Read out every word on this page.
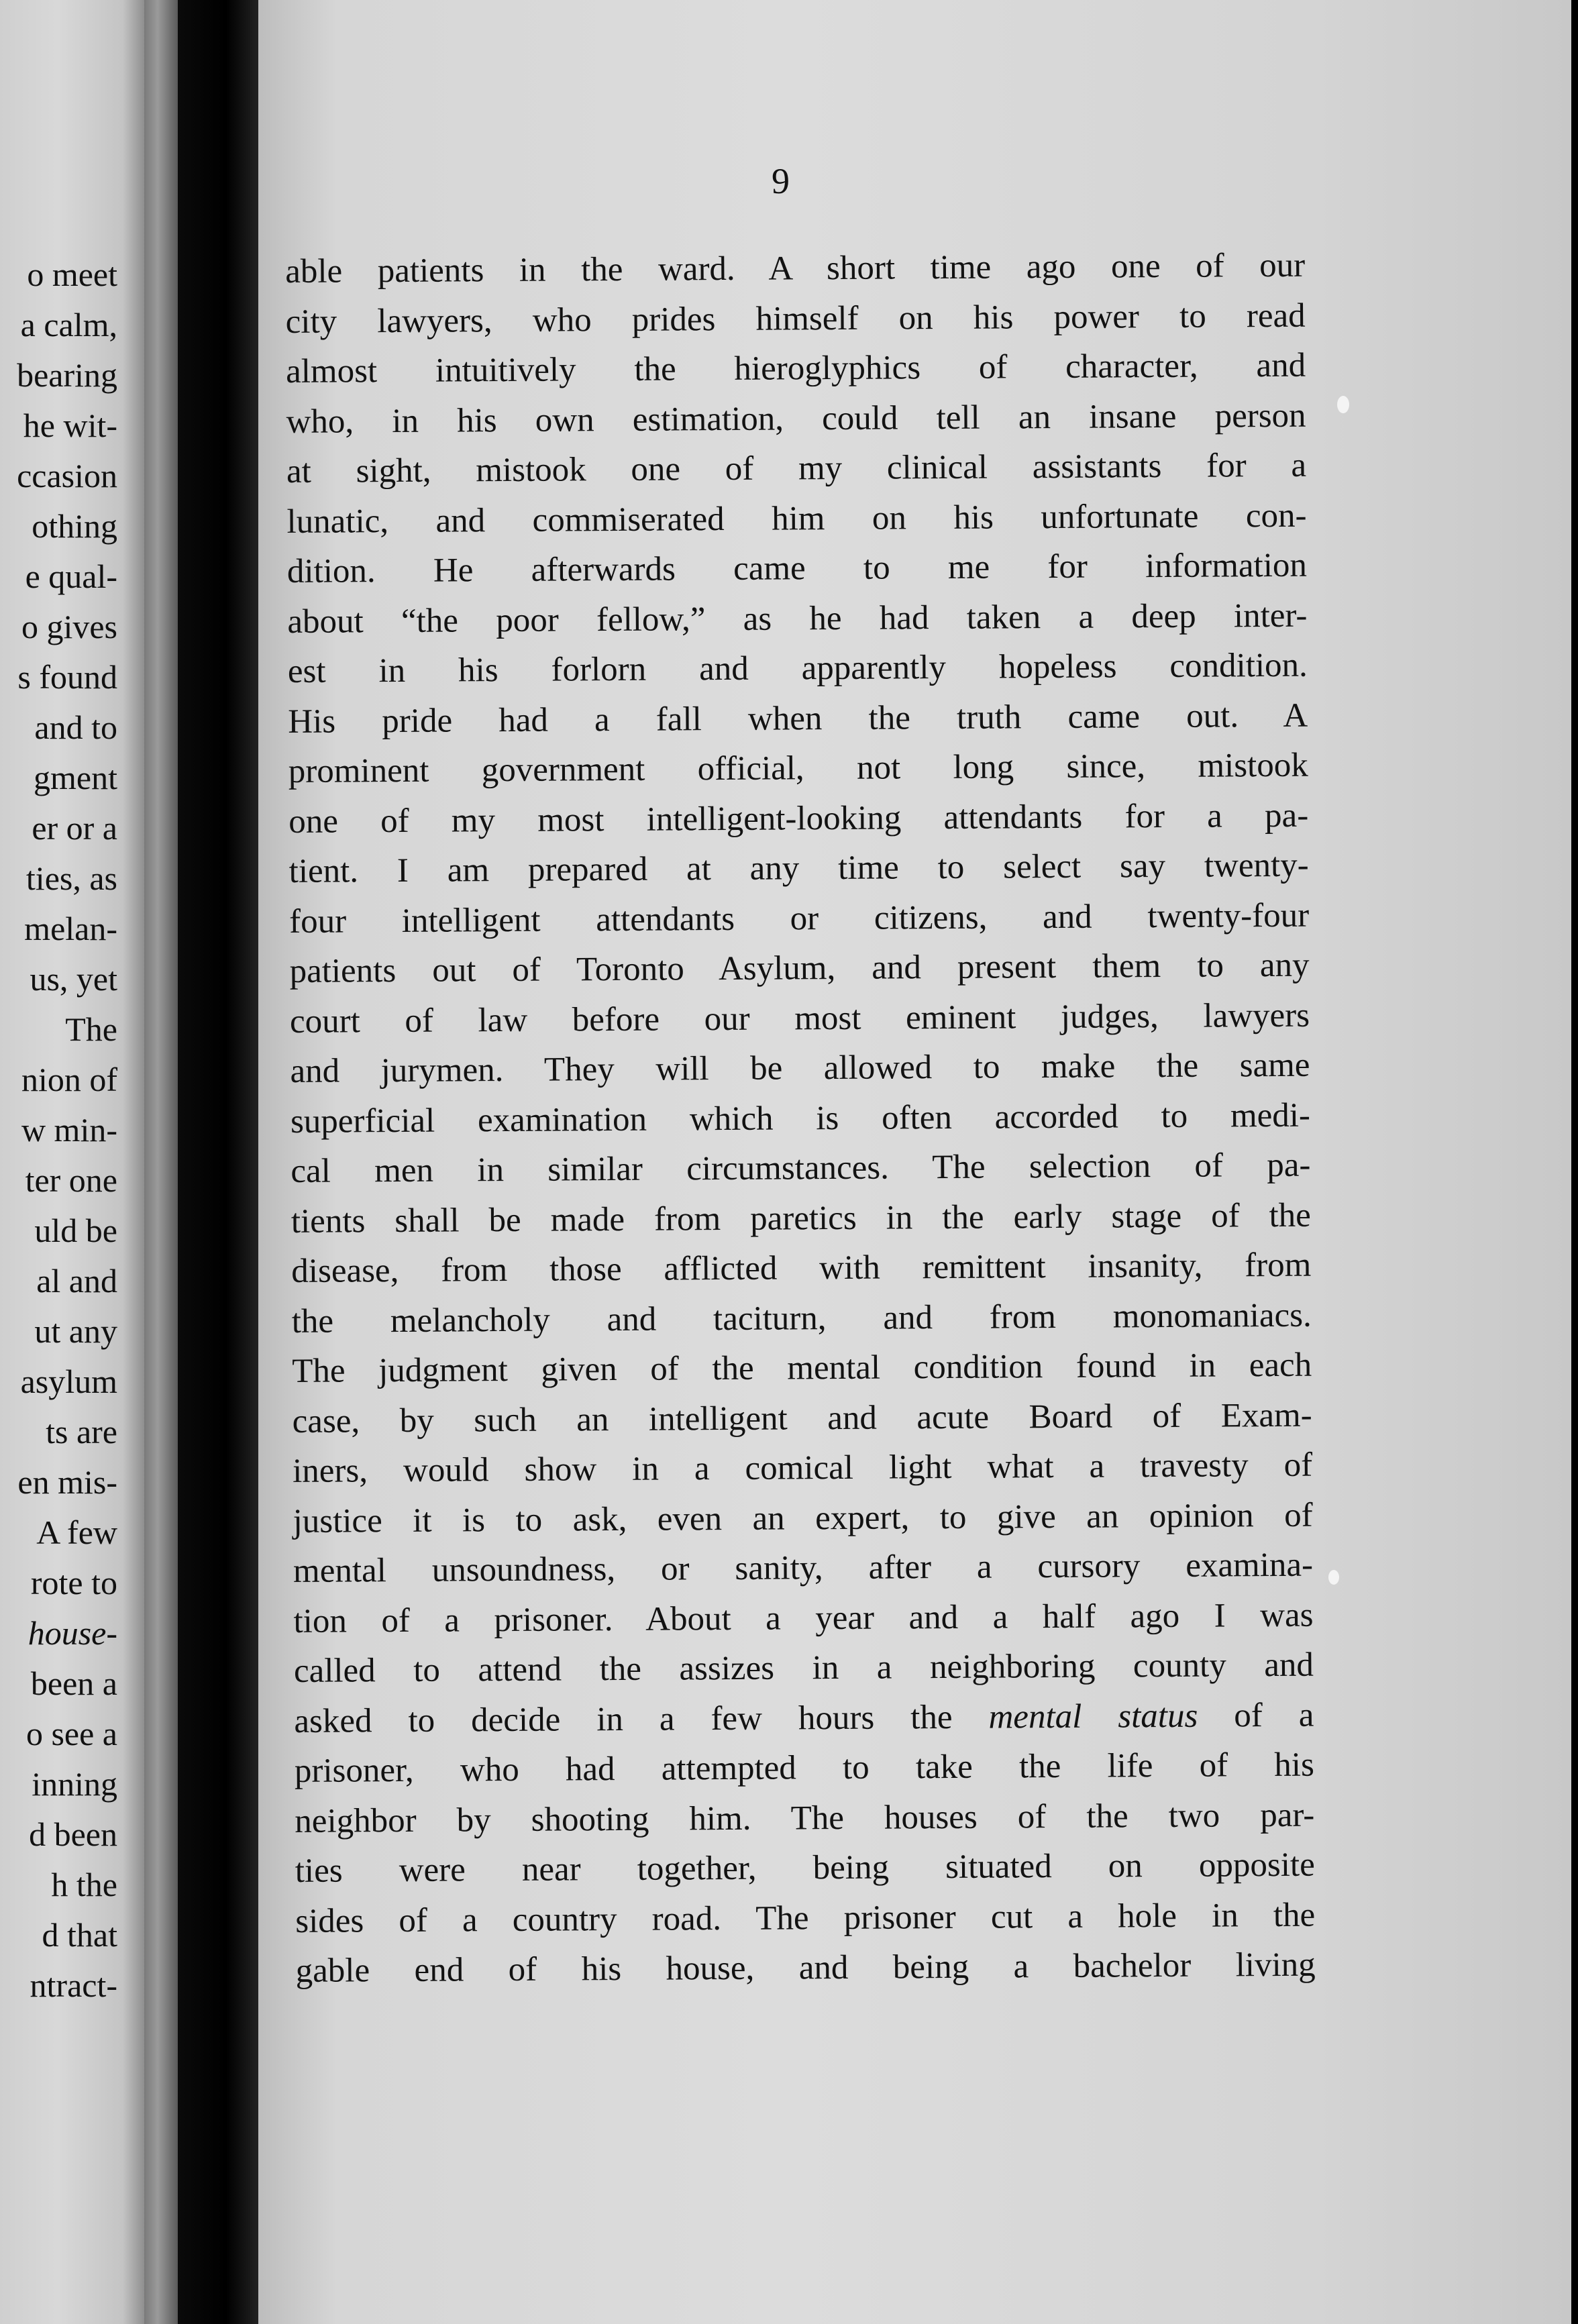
o meet
a calm,
bearing
he wit-
ccasion
othing
e qual-
o gives
s found
and to
gment
er or a
ties, as
melan-
us, yet
The
nion of
w min-
ter one
uld be
al and
ut any
asylum
ts are
en mis-
A few
rote to
house-
been a
o see a
inning
d been
h the
d that
ntract-
9
able patients in the ward. A short time ago one of our
city lawyers, who prides himself on his power to read
almost intuitively the hieroglyphics of character, and
who, in his own estimation, could tell an insane person
at sight, mistook one of my clinical assistants for a
lunatic, and commiserated him on his unfortunate con-
dition. He afterwards came to me for information
about “the poor fellow,” as he had taken a deep inter-
est in his forlorn and apparently hopeless condition.
His pride had a fall when the truth came out. A
prominent government official, not long since, mistook
one of my most intelligent-looking attendants for a pa-
tient. I am prepared at any time to select say twenty-
four intelligent attendants or citizens, and twenty-four
patients out of Toronto Asylum, and present them to any
court of law before our most eminent judges, lawyers
and jurymen. They will be allowed to make the same
superficial examination which is often accorded to medi-
cal men in similar circumstances. The selection of pa-
tients shall be made from paretics in the early stage of the
disease, from those afflicted with remittent insanity, from
the melancholy and taciturn, and from monomaniacs.
The judgment given of the mental condition found in each
case, by such an intelligent and acute Board of Exam-
iners, would show in a comical light what a travesty of
justice it is to ask, even an expert, to give an opinion of
mental unsoundness, or sanity, after a cursory examina-
tion of a prisoner. About a year and a half ago I was
called to attend the assizes in a neighboring county and
asked to decide in a few hours the mental status of a
prisoner, who had attempted to take the life of his
neighbor by shooting him. The houses of the two par-
ties were near together, being situated on opposite
sides of a country road. The prisoner cut a hole in the
gable end of his house, and being a bachelor living
